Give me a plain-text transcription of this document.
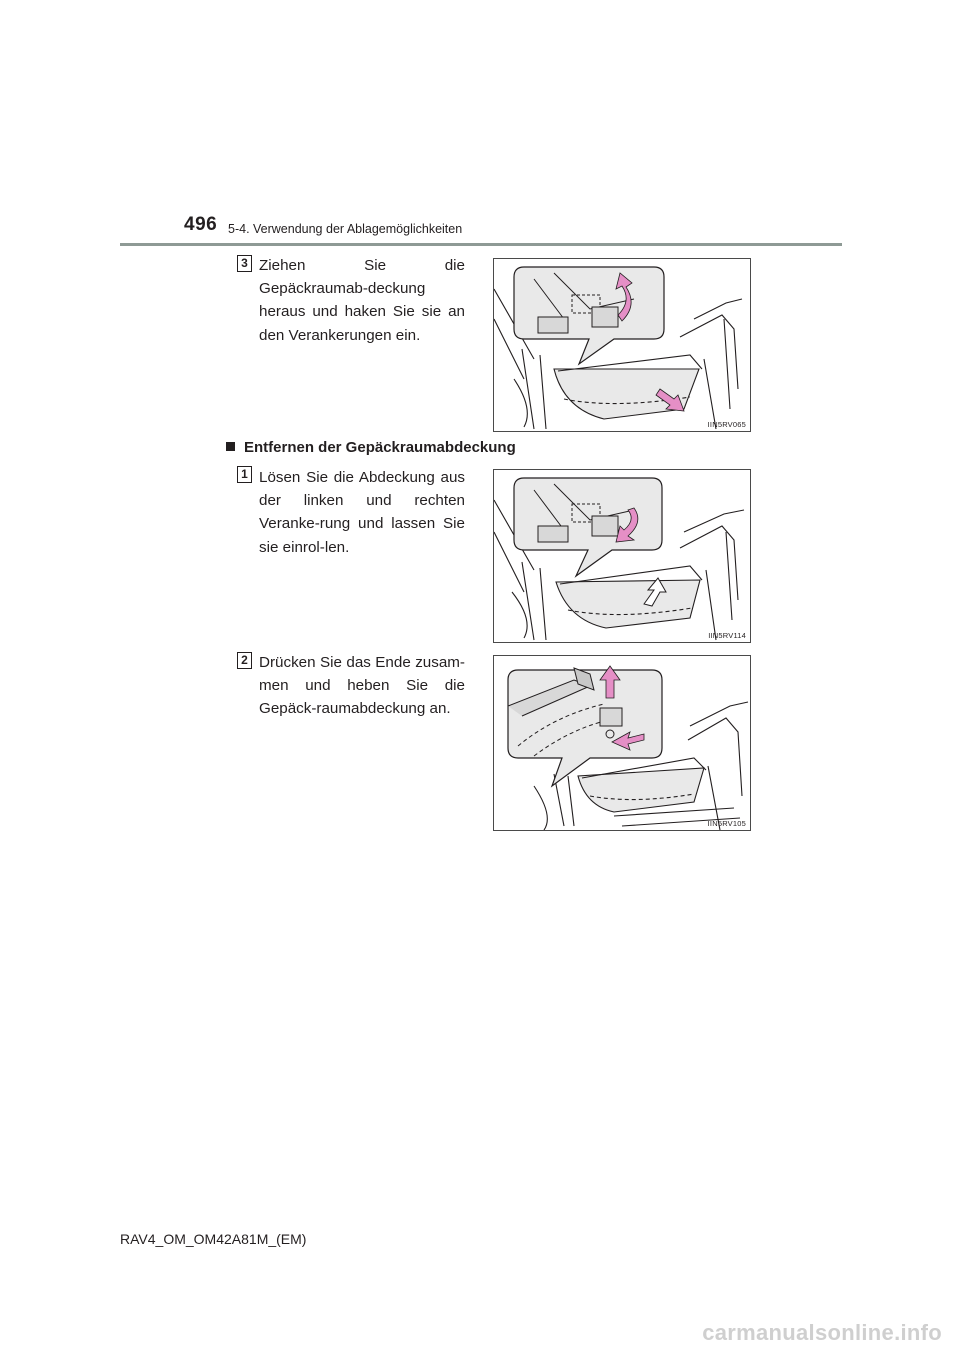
496 5-4. Verwendung der Ablagemöglichkeiten
3 Ziehen Sie die Gepäckraumab-deckung heraus und haken Sie sie an den Verankerungen ein.
IIN5RV065
Entfernen der Gepäckraumabdeckung
1 Lösen Sie die Abdeckung aus der linken und rechten Veranke-rung und lassen Sie sie einrol-len.
IIN5RV114
2 Drücken Sie das Ende zusam-men und heben Sie die Gepäck-raumabdeckung an.
IIN5RV105
RAV4_OM_OM42A81M_(EM)
carmanualsonline.info
